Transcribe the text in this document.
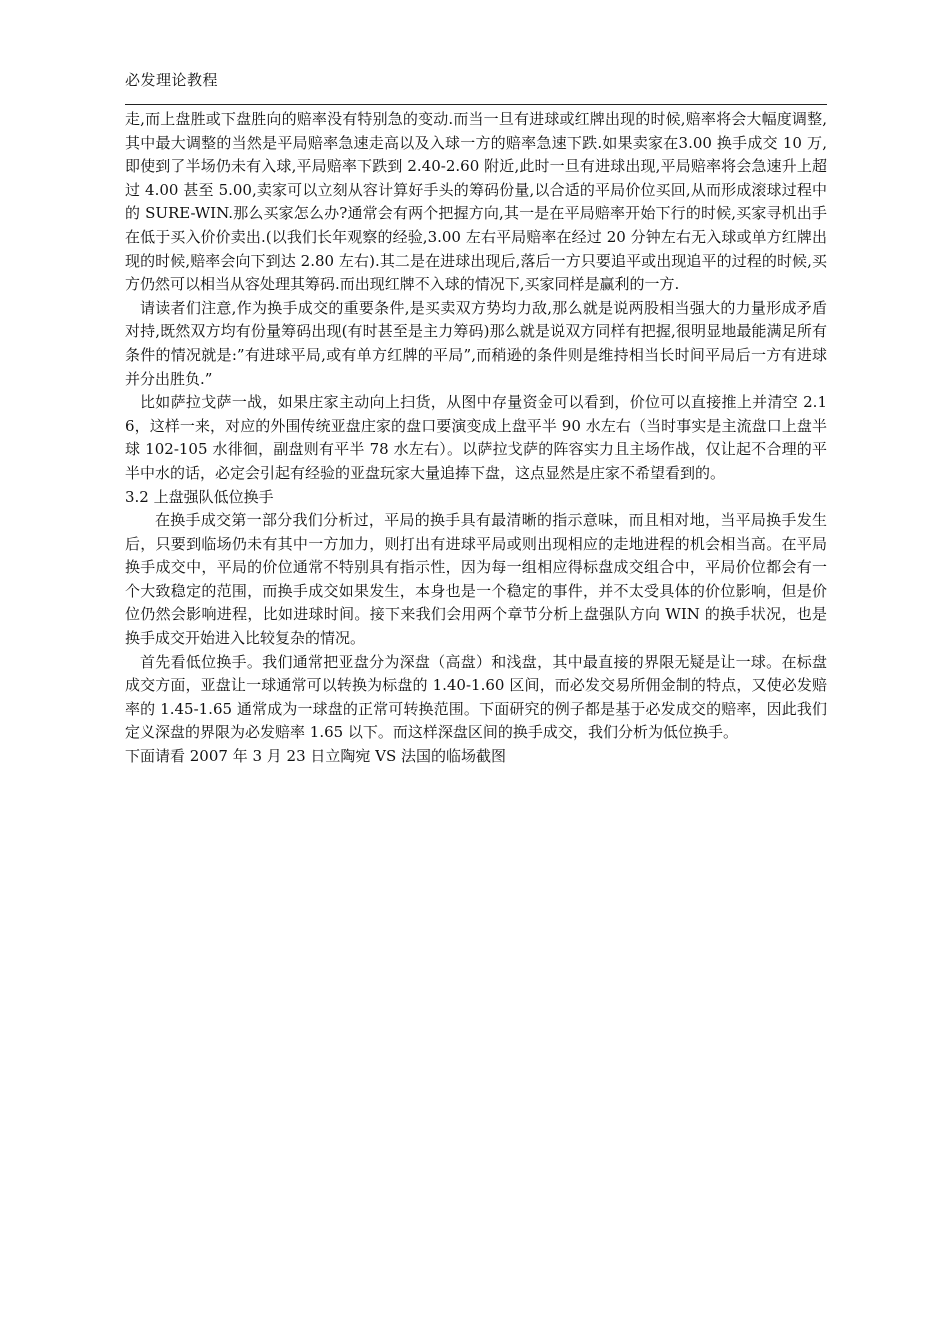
必发理论教程

走,而上盘胜或下盘胜向的赔率没有特别急的变动.而当一旦有进球或红牌出现的时候,赔率将会大幅度调整,其中最大调整的当然是平局赔率急速走高以及入球一方的赔率急速下跌.如果卖家在3.00 换手成交 10 万,即使到了半场仍未有入球,平局赔率下跌到 2.40-2.60 附近,此时一旦有进球出现,平局赔率将会急速升上超过 4.00 甚至 5.00,卖家可以立刻从容计算好手头的筹码份量,以合适的平局价位买回,从而形成滚球过程中的 SURE-WIN.那么买家怎么办?通常会有两个把握方向,其一是在平局赔率开始下行的时候,买家寻机出手在低于买入价价卖出.(以我们长年观察的经验,3.00 左右平局赔率在经过 20 分钟左右无入球或单方红牌出现的时候,赔率会向下到达 2.80 左右).其二是在进球出现后,落后一方只要追平或出现追平的过程的时候,买方仍然可以相当从容处理其筹码.而出现红牌不入球的情况下,买家同样是赢利的一方.

请读者们注意,作为换手成交的重要条件,是买卖双方势均力敌,那么就是说两股相当强大的力量形成矛盾对持,既然双方均有份量筹码出现(有时甚至是主力筹码)那么就是说双方同样有把握,很明显地最能满足所有条件的情况就是:”有进球平局,或有单方红牌的平局”,而稍逊的条件则是维持相当长时间平局后一方有进球并分出胜负.”

比如萨拉戈萨一战，如果庄家主动向上扫货，从图中存量资金可以看到，价位可以直接推上并清空 2.16，这样一来，对应的外围传统亚盘庄家的盘口要演变成上盘平半 90 水左右（当时事实是主流盘口上盘半球 102-105 水徘徊，副盘则有平半 78 水左右）。以萨拉戈萨的阵容实力且主场作战，仅让起不合理的平半中水的话，必定会引起有经验的亚盘玩家大量追捧下盘，这点显然是庄家不希望看到的。

3.2 上盘强队低位换手

在换手成交第一部分我们分析过，平局的换手具有最清晰的指示意味，而且相对地，当平局换手发生后，只要到临场仍未有其中一方加力，则打出有进球平局或则出现相应的走地进程的机会相当高。在平局换手成交中，平局的价位通常不特别具有指示性，因为每一组相应得标盘成交组合中，平局价位都会有一个大致稳定的范围，而换手成交如果发生，本身也是一个稳定的事件，并不太受具体的价位影响，但是价位仍然会影响进程，比如进球时间。接下来我们会用两个章节分析上盘强队方向 WIN 的换手状况，也是换手成交开始进入比较复杂的情况。

首先看低位换手。我们通常把亚盘分为深盘（高盘）和浅盘，其中最直接的界限无疑是让一球。在标盘成交方面，亚盘让一球通常可以转换为标盘的 1.40-1.60 区间，而必发交易所佣金制的特点，又使必发赔率的 1.45-1.65 通常成为一球盘的正常可转换范围。下面研究的例子都是基于必发成交的赔率，因此我们定义深盘的界限为必发赔率 1.65 以下。而这样深盘区间的换手成交，我们分析为低位换手。

下面请看 2007 年 3 月 23 日立陶宛 VS 法国的临场截图
